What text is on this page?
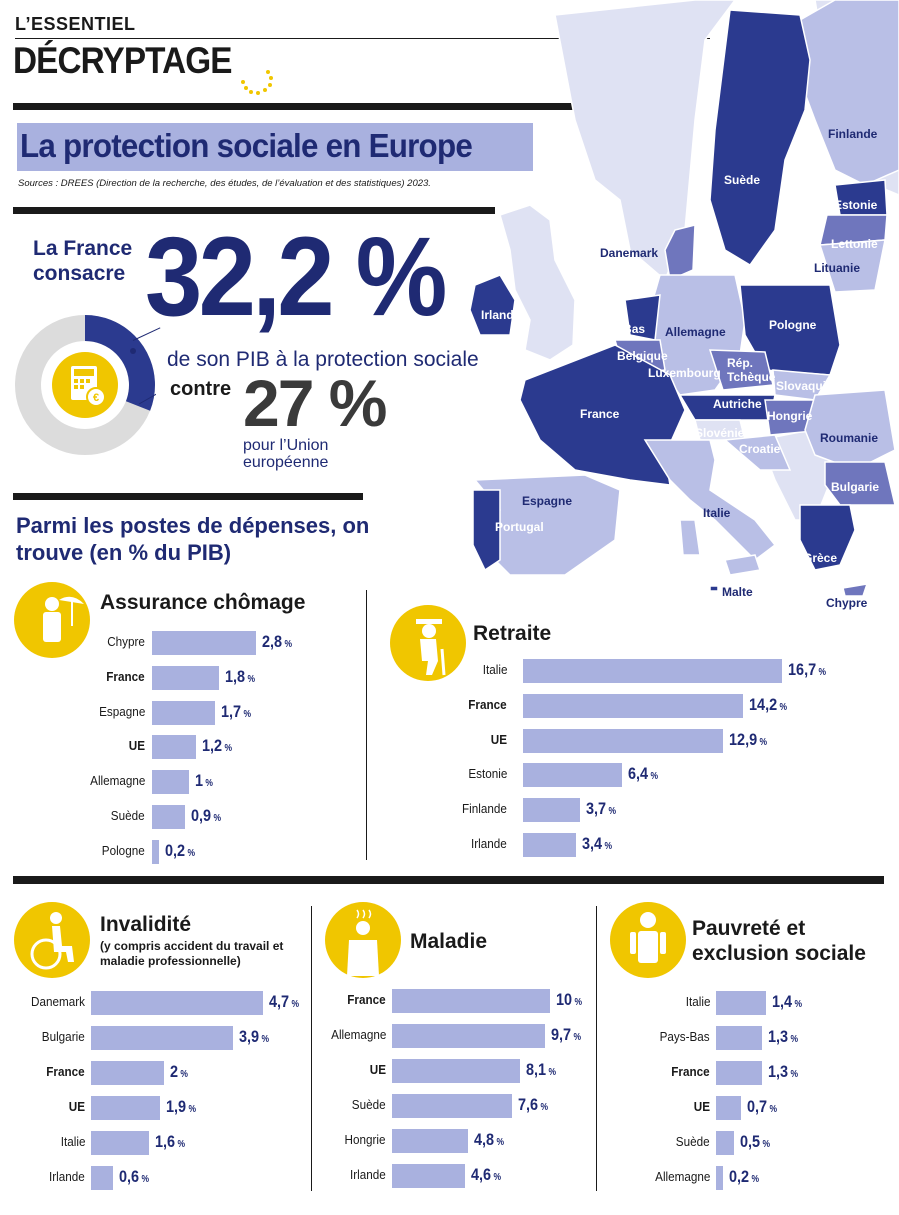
L’ESSENTIEL
DÉCRYPTAGE
La protection sociale en Europe
Sources : DREES (Direction de la recherche, des études, de l’évaluation et des statistiques) 2023.
La France consacre 32,2 %
de son PIB à la protection sociale
contre 27 %
pour l’Union européenne
€
Parmi les postes de dépenses, on trouve (en % du PIB)
Finlande
Suède
Estonie
Lettonie
Lituanie
Danemark
Irlande
Pays-Bas Allemagne	Pologne
Belgique
Luxembourg
Rép. Tchèque
Slovaquie
France
Autriche
Hongrie
Slovénie	Roumanie
Croatie
Bulgarie
Espagne
Portugal
Italie
Grèce
Malte
Chypre
Assurance chômage
Retraite
Invalidité
(y compris accident du travail et maladie professionnelle)
Maladie
Pauvreté et exclusion sociale
Chypre	2,8 %
France	1,8 %
Espagne	1,7 %
UE	1,2 %
Allemagne	1 %
Suède	0,9 %
Pologne 0,2 %
Italie	16,7 %
France	14,2 %
UE	12,9 %
Estonie	6,4 %
Finlande	3,7 %
Irlande	3,4 %
Danemark	4,7 %
Bulgarie	3,9 %
France	2 %
UE	1,9 %
Italie	1,6 %
Irlande 0,6 %
France	10 %
Allemagne	9,7 %
UE	8,1 %
Suède	7,6 %
Hongrie	4,8 %
Irlande	4,6 %
Italie	1,4 %
Pays-Bas	1,3 %
France	1,3 %
UE 0,7 %
Suède 0,5 %
Allemagne 0,2 %
